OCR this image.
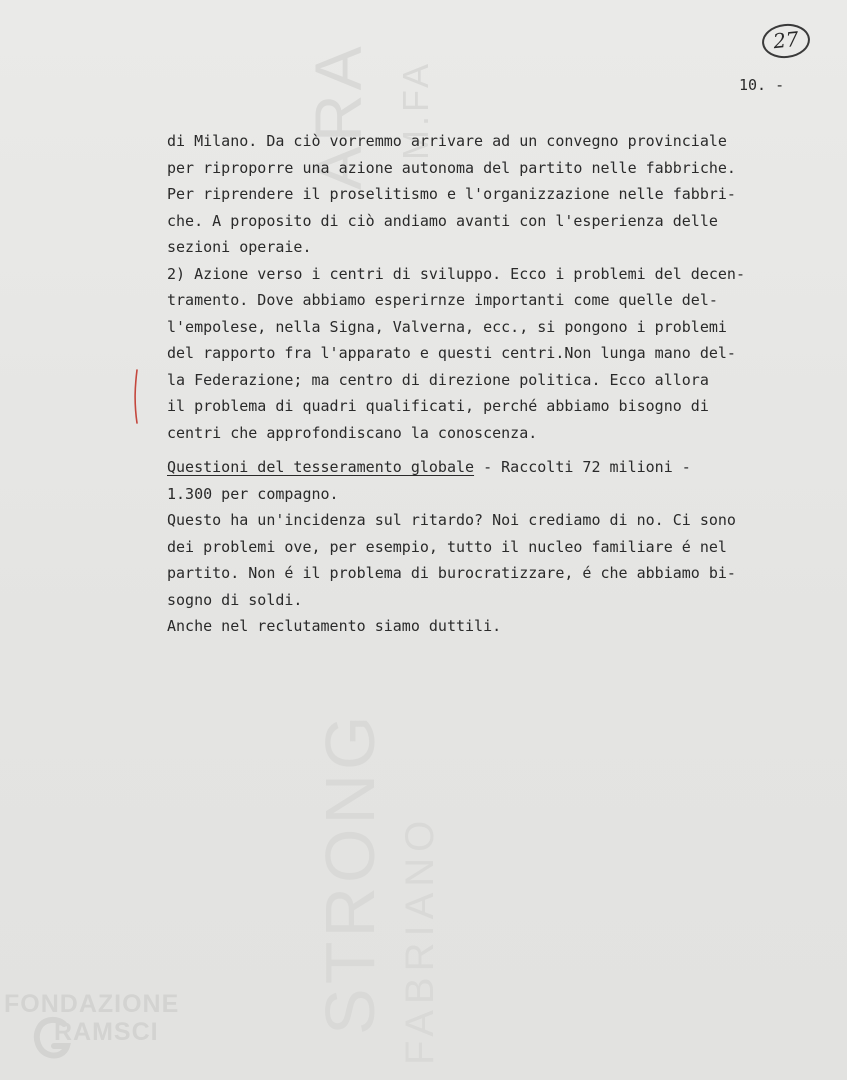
ARA M.FA
STRONG FABRIANO
27
10. -
di Milano. Da ciò vorremmo arrivare ad un convegno provinciale
per riproporre una azione autonoma del partito nelle fabbriche.
Per riprendere il proselitismo e l'organizzazione nelle fabbri-
che. A proposito di ciò andiamo avanti con l'esperienza delle
sezioni operaie.
2) Azione verso i centri di sviluppo. Ecco i problemi del decen-
tramento. Dove abbiamo esperirnze importanti come quelle del-
l'empolese, nella Signa, Valverna, ecc., si pongono i problemi
del rapporto fra l'apparato e questi centri.Non lunga mano del-
la Federazione; ma centro di direzione politica. Ecco allora
il problema di quadri qualificati, perché abbiamo bisogno di
centri che approfondiscano la conoscenza.
Questioni del tesseramento globale - Raccolti 72 milioni -
1.300 per compagno.
Questo ha un'incidenza sul ritardo? Noi crediamo di no. Ci sono
dei problemi ove, per esempio, tutto il nucleo familiare é nel
partito. Non é il problema di burocratizzare, é che abbiamo bi-
sogno di soldi.
Anche nel reclutamento siamo duttili.
FONDAZIONE
RAMSCI
